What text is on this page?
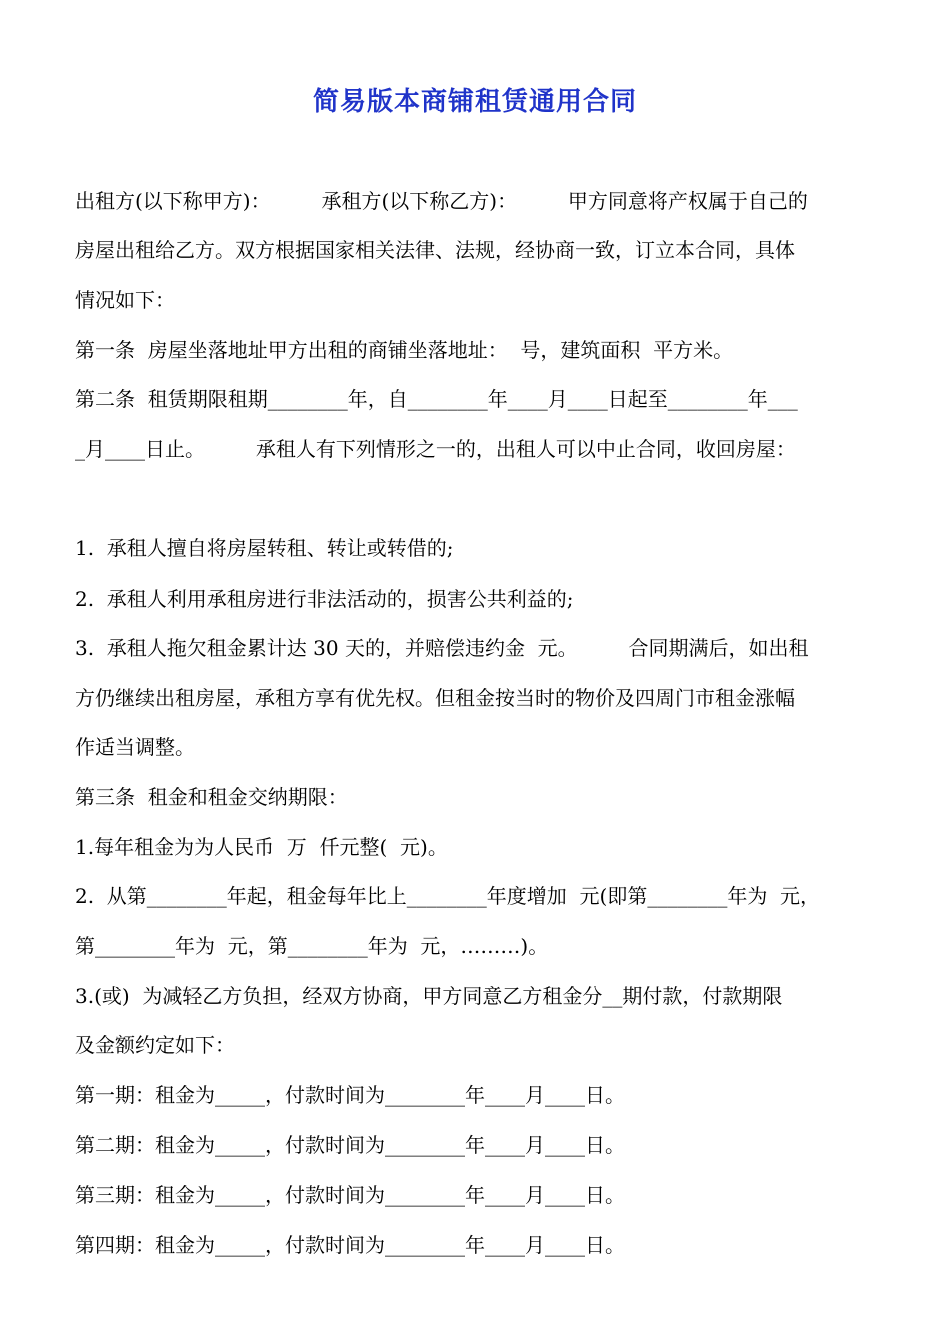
简易版本商铺租赁通用合同
出租方(以下称甲方)：        承租方(以下称乙方)：        甲方同意将产权属于自己的
房屋出租给乙方。双方根据国家相关法律、法规，经协商一致，订立本合同，具体
情况如下：
第一条  房屋坐落地址甲方出租的商铺坐落地址：  号，建筑面积  平方米。
第二条  租赁期限租期________年，自________年____月____日起至________年___
_月____日止。        承租人有下列情形之一的，出租人可以中止合同，收回房屋：
1.  承租人擅自将房屋转租、转让或转借的;
2.  承租人利用承租房进行非法活动的，损害公共利益的;
3.  承租人拖欠租金累计达 30 天的，并赔偿违约金  元。        合同期满后，如出租
方仍继续出租房屋，承租方享有优先权。但租金按当时的物价及四周门市租金涨幅
作适当调整。
第三条  租金和租金交纳期限：
1.每年租金为为人民币  万  仟元整(  元)。
2.  从第________年起，租金每年比上________年度增加  元(即第________年为  元，
第________年为  元，第________年为  元，………)。
3.(或)  为减轻乙方负担，经双方协商，甲方同意乙方租金分__期付款，付款期限
及金额约定如下：
第一期：租金为_____，付款时间为________年____月____日。
第二期：租金为_____，付款时间为________年____月____日。
第三期：租金为_____，付款时间为________年____月____日。
第四期：租金为_____，付款时间为________年____月____日。
